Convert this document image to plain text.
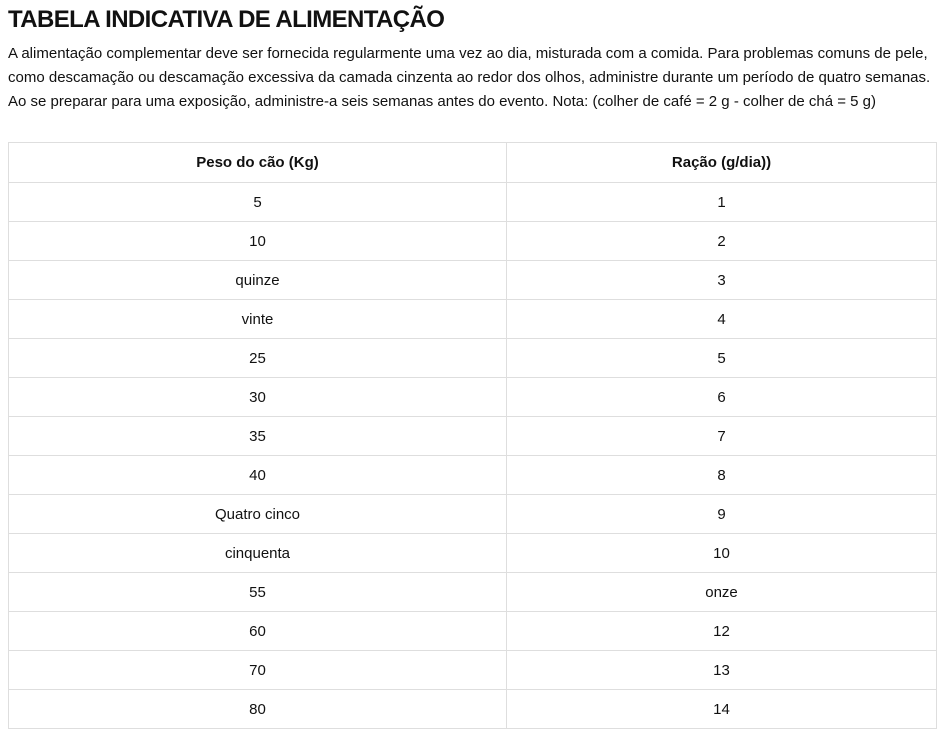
TABELA INDICATIVA DE ALIMENTAÇÃO

A alimentação complementar deve ser fornecida regularmente uma vez ao dia, misturada com a comida. Para problemas comuns de pele, como descamação ou descamação excessiva da camada cinzenta ao redor dos olhos, administre durante um período de quatro semanas. Ao se preparar para uma exposição, administre-a seis semanas antes do evento. Nota: (colher de café = 2 g - colher de chá = 5 g)

Peso do cão (Kg)	Ração (g/dia))
5	1
10	2
quinze	3
vinte	4
25	5
30	6
35	7
40	8
Quatro cinco	9
cinquenta	10
55	onze
60	12
70	13
80	14
